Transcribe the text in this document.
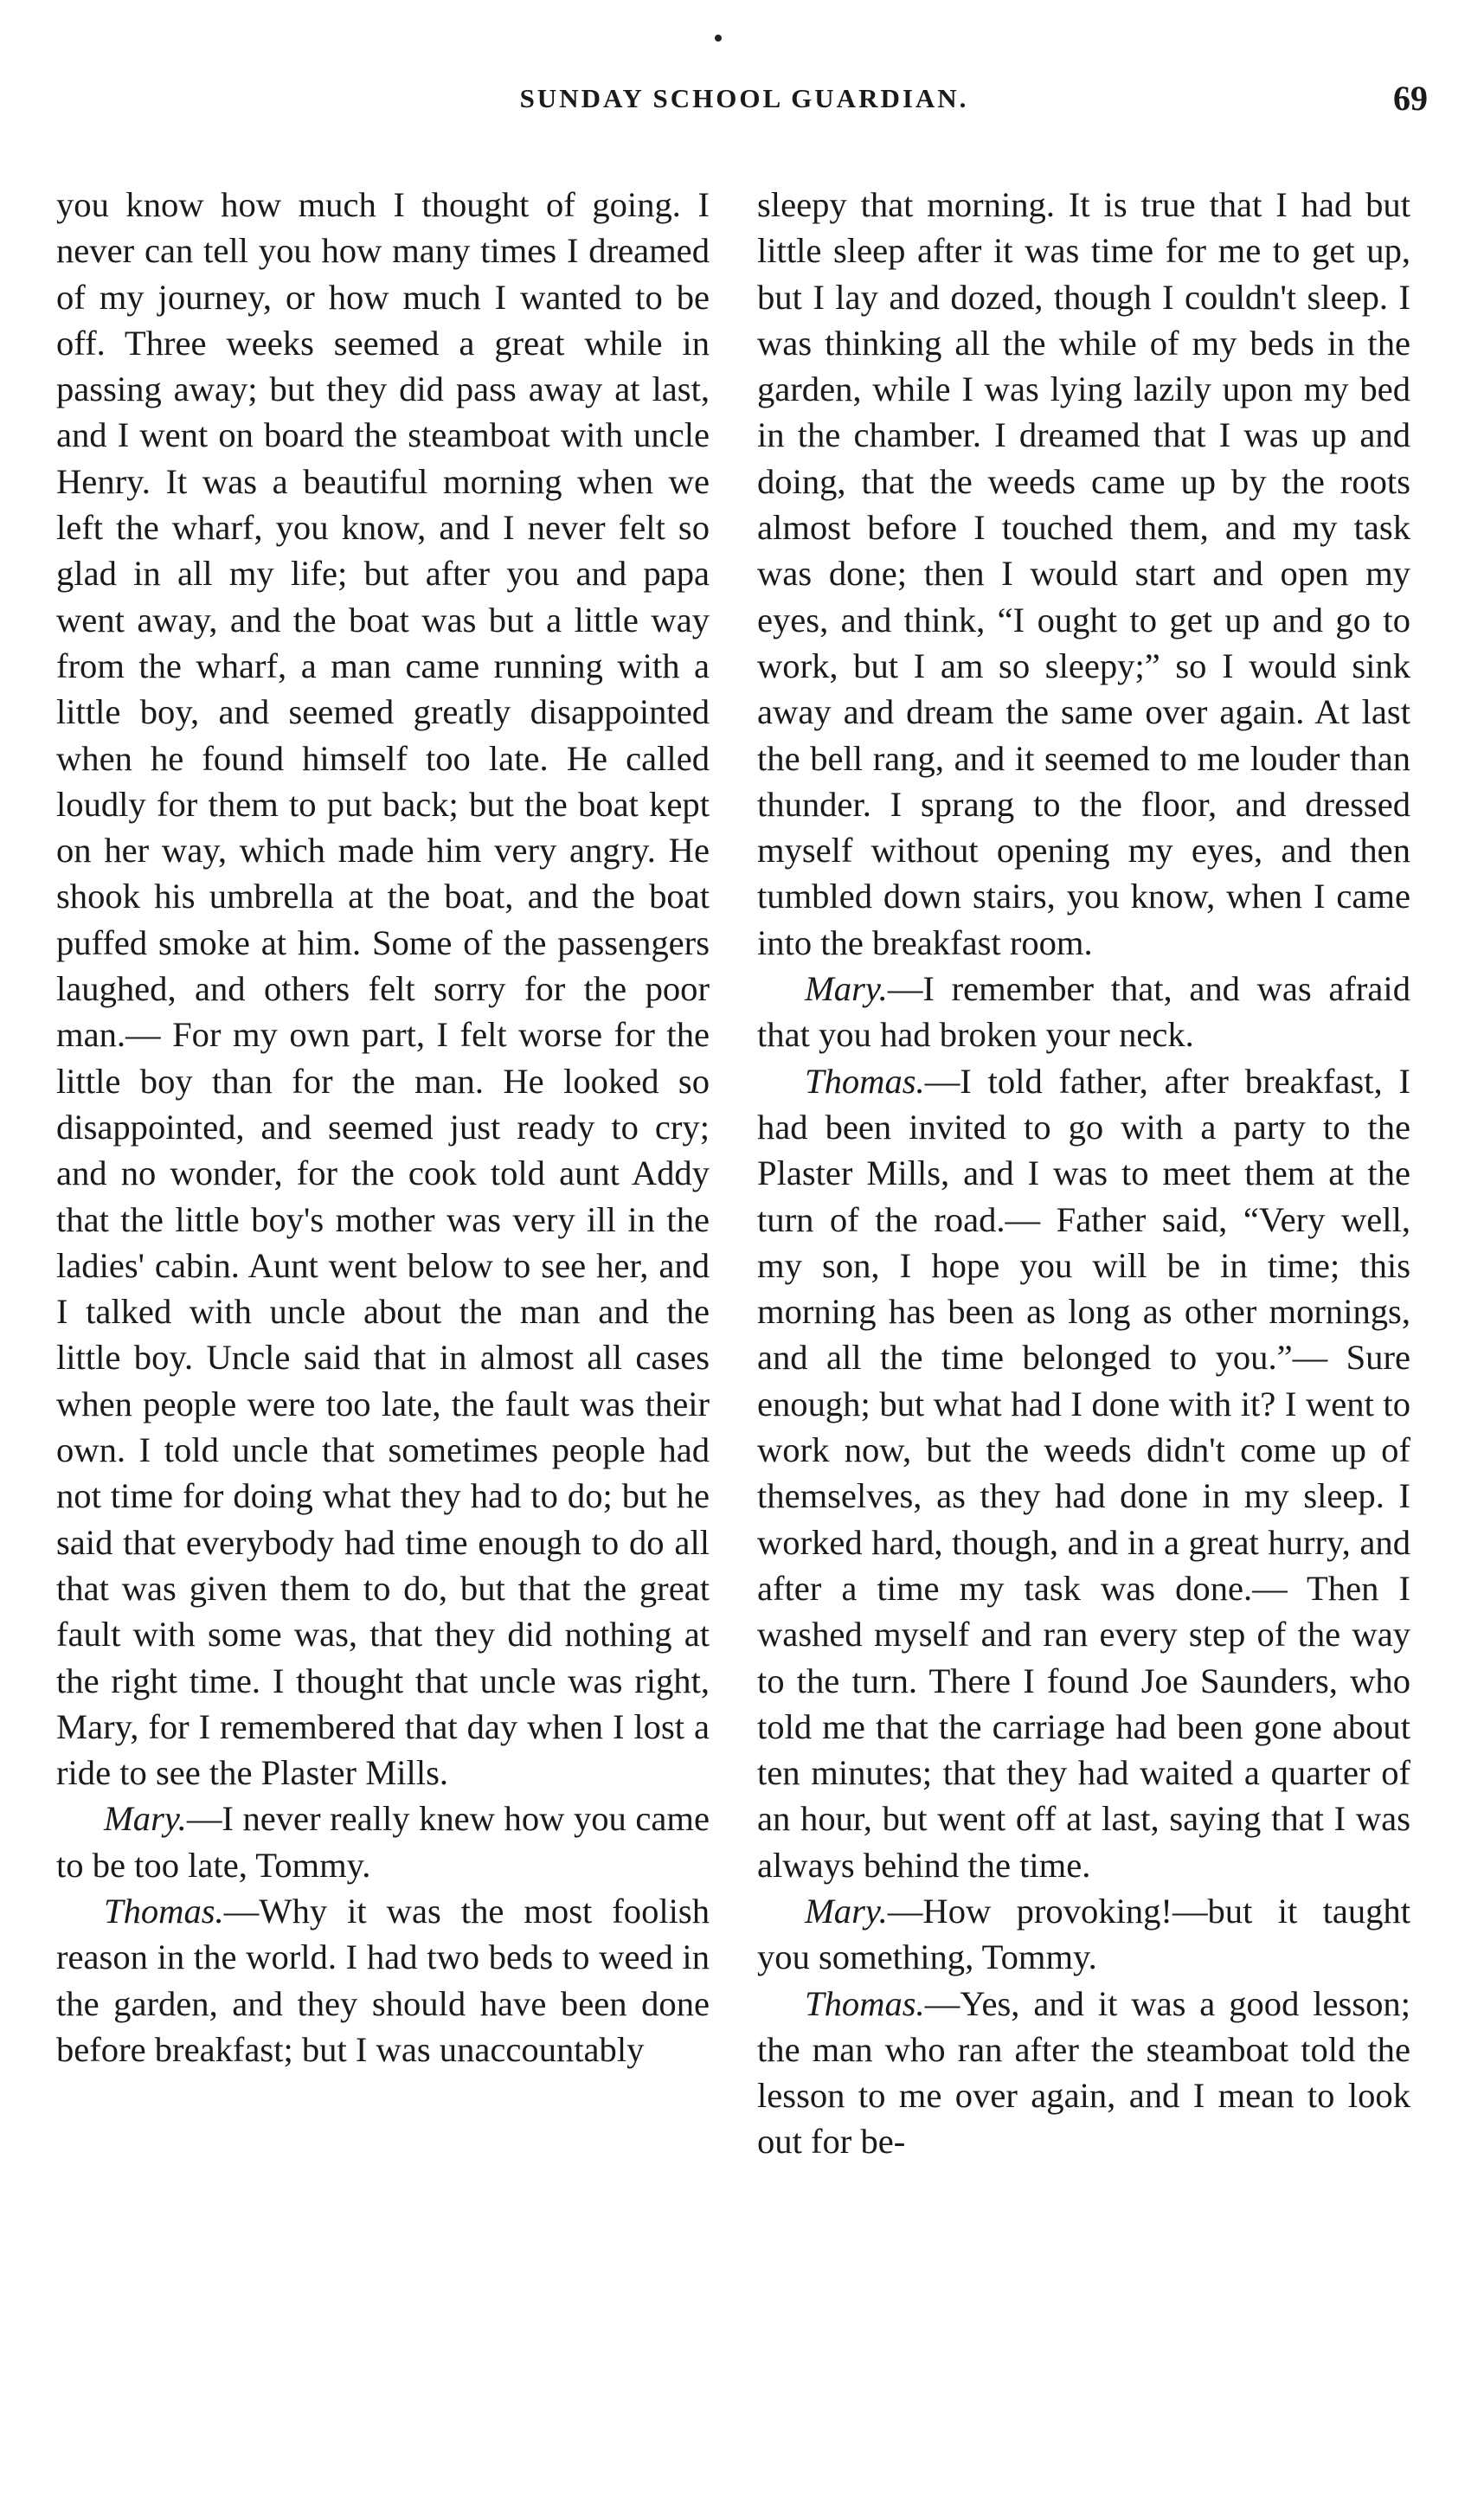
SUNDAY SCHOOL GUARDIAN.	69

you know how much I thought of going. I never can tell you how many times I dreamed of my journey, or how much I wanted to be off. Three weeks seemed a great while in passing away; but they did pass away at last, and I went on board the steamboat with uncle Henry. It was a beautiful morning when we left the wharf, you know, and I never felt so glad in all my life; but after you and papa went away, and the boat was but a little way from the wharf, a man came running with a little boy, and seemed greatly disappointed when he found himself too late. He called loudly for them to put back; but the boat kept on her way, which made him very angry. He shook his umbrella at the boat, and the boat puffed smoke at him. Some of the passengers laughed, and others felt sorry for the poor man.— For my own part, I felt worse for the little boy than for the man. He looked so disappointed, and seemed just ready to cry; and no wonder, for the cook told aunt Addy that the little boy's mother was very ill in the ladies' cabin. Aunt went below to see her, and I talked with uncle about the man and the little boy. Uncle said that in almost all cases when people were too late, the fault was their own. I told uncle that sometimes people had not time for doing what they had to do; but he said that everybody had time enough to do all that was given them to do, but that the great fault with some was, that they did nothing at the right time. I thought that uncle was right, Mary, for I remembered that day when I lost a ride to see the Plaster Mills.

Mary.—I never really knew how you came to be too late, Tommy.

Thomas.—Why it was the most foolish reason in the world. I had two beds to weed in the garden, and they should have been done before breakfast; but I was unaccountably

sleepy that morning. It is true that I had but little sleep after it was time for me to get up, but I lay and dozed, though I couldn't sleep. I was thinking all the while of my beds in the garden, while I was lying lazily upon my bed in the chamber. I dreamed that I was up and doing, that the weeds came up by the roots almost before I touched them, and my task was done; then I would start and open my eyes, and think, “I ought to get up and go to work, but I am so sleepy;” so I would sink away and dream the same over again. At last the bell rang, and it seemed to me louder than thunder. I sprang to the floor, and dressed myself without opening my eyes, and then tumbled down stairs, you know, when I came into the breakfast room.

Mary.—I remember that, and was afraid that you had broken your neck.

Thomas.—I told father, after breakfast, I had been invited to go with a party to the Plaster Mills, and I was to meet them at the turn of the road.— Father said, “Very well, my son, I hope you will be in time; this morning has been as long as other mornings, and all the time belonged to you.”— Sure enough; but what had I done with it? I went to work now, but the weeds didn't come up of themselves, as they had done in my sleep. I worked hard, though, and in a great hurry, and after a time my task was done.— Then I washed myself and ran every step of the way to the turn. There I found Joe Saunders, who told me that the carriage had been gone about ten minutes; that they had waited a quarter of an hour, but went off at last, saying that I was always behind the time.

Mary.—How provoking!—but it taught you something, Tommy.

Thomas.—Yes, and it was a good lesson; the man who ran after the steamboat told the lesson to me over again, and I mean to look out for be-
